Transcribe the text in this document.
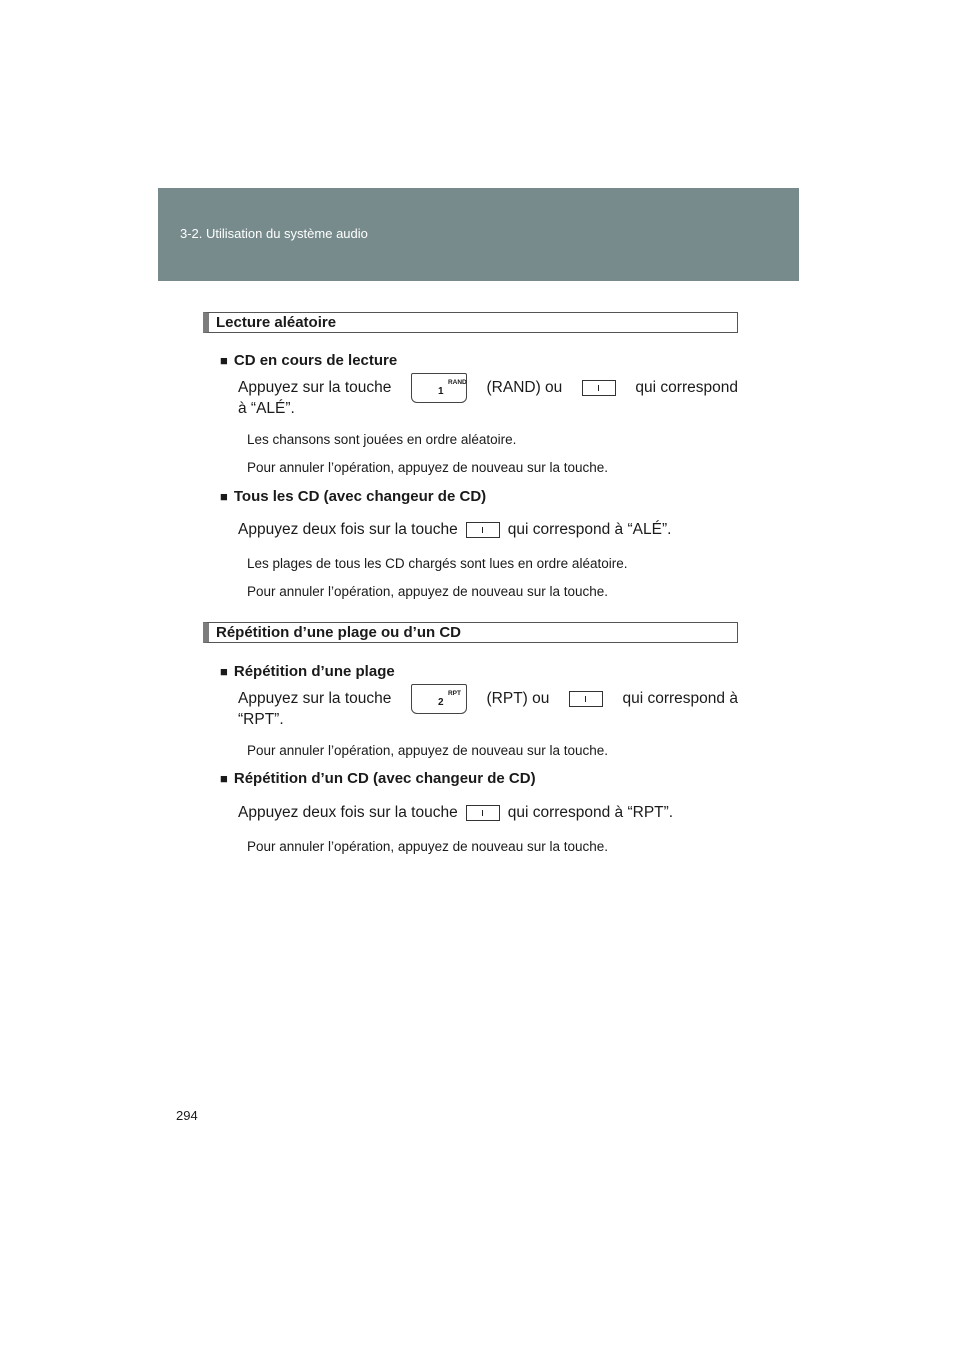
3-2. Utilisation du système audio
Lecture aléatoire
■ CD en cours de lecture
Appuyez sur la touche	1
RAND (RAND) ou	qui correspond
à “ALÉ”.
Les chansons sont jouées en ordre aléatoire.
Pour annuler l’opération, appuyez de nouveau sur la touche.
■ Tous les CD (avec changeur de CD)
Appuyez deux fois sur la touche	qui correspond à “ALÉ”.
Les plages de tous les CD chargés sont lues en ordre aléatoire.
Pour annuler l’opération, appuyez de nouveau sur la touche.
Répétition d’une plage ou d’un CD
■ Répétition d’une plage
Appuyez sur la touche	2
RPT (RPT) ou	qui correspond à
“RPT”.
Pour annuler l’opération, appuyez de nouveau sur la touche.
■ Répétition d’un CD (avec changeur de CD)
Appuyez deux fois sur la touche	qui correspond à “RPT”.
Pour annuler l’opération, appuyez de nouveau sur la touche.
294
